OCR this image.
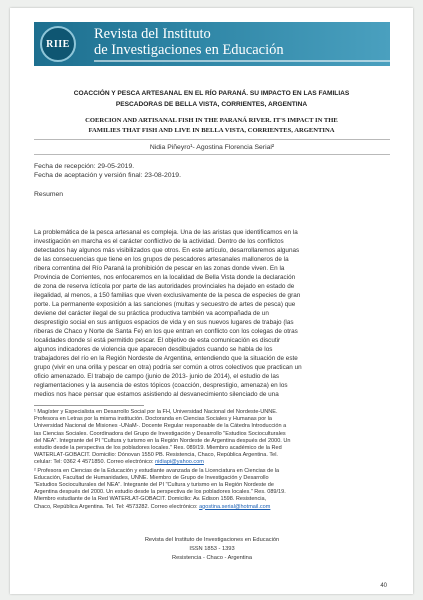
RIIE
Revista del Instituto
de Investigaciones en Educación
COACCIÓN Y PESCA ARTESANAL EN EL RÍO PARANÁ. SU IMPACTO EN LAS FAMILIAS
PESCADORAS DE BELLA VISTA, CORRIENTES, ARGENTINA
COERCION AND ARTISANAL FISH IN THE PARANÁ RIVER. IT'S IMPACT IN THE
FAMILIES THAT FISH AND LIVE IN BELLA VISTA, CORRIENTES, ARGENTINA
Nidia Piñeyro¹- Agostina Florencia Serial²
Fecha de recepción: 29-05-2019.
Fecha de aceptación y versión final: 23-08-2019.
Resumen
La problemática de la pesca artesanal es compleja. Una de las aristas que identificamos en la
investigación en marcha es el carácter conflictivo de la actividad. Dentro de los conflictos
detectados hay algunos más visibilizados que otros. En este artículo, desarrollaremos algunas
de las consecuencias que tiene en los grupos de pescadores artesanales malloneros de la
ribera correntina del Río Paraná la prohibición de pescar en las zonas donde viven. En la
Provincia de Corrientes, nos enfocaremos en la localidad de Bella Vista donde la declaración
de zona de reserva íctícola por parte de las autoridades provinciales ha dejado en estado de
ilegalidad, al menos, a 150 familias que viven exclusivamente de la pesca de especies de gran
porte. La permanente exposición a las sanciones (multas y secuestro de artes de pesca) que
deviene del carácter ilegal de su práctica productiva también va acompañada de un
desprestigio social en sus antiguos espacios de vida y en sus nuevos lugares de trabajo (las
riberas de Chaco y Norte de Santa Fe) en los que entran en conflicto con los colegas de otras
localidades donde sí está permitido pescar. El objetivo de esta comunicación es discutir
algunos indicadores de violencia que aparecen desdibujados cuando se habla de los
trabajadores del río en la Región Nordeste de Argentina, entendiendo que la situación de este
grupo (vivir en una orilla y pescar en otra) podría ser común a otros colectivos que practican un
oficio amenazado. El trabajo de campo (junio de 2013- junio de 2014), el estudio de las
reglamentaciones y la ausencia de estos tópicos (coacción, desprestigio, amenaza) en los
medios nos hace pensar que estamos asistiendo al desvanecimiento silenciado de una

¹ Magíster y Especialista en Desarrollo Social por la FH, Universidad Nacional del Nordeste-UNNE.
Profesora en Letras por la misma institución. Doctoranda en Ciencias Sociales y Humanas por la
Universidad Nacional de Misiones -UNaM-. Docente Regular responsable de la Cátedra Introducción a
las Ciencias Sociales. Coordinadora del Grupo de Investigación y Desarrollo "Estudios Socioculturales
del NEA". Integrante del PI "Cultura y turismo en la Región Nordeste de Argentina después del 2000. Un
estudio desde la perspectiva de los pobladores locales." Res. 089/19. Miembro académico de la Red
WATERLAT-GOBACIT. Domicilio: Dónovan 1550 PB. Resistencia, Chaco, República Argentina. Tel.
celular: Tel: 0362 4 4571850. Correo electrónico: nidiapi@yahoo.com

² Profesora en Ciencias de la Educación y estudiante avanzada de la Licenciatura en Ciencias de la
Educación, Facultad de Humanidades, UNNE. Miembro de Grupo de Investigación y Desarrollo
"Estudios Socioculturales del NEA". Integrante del PI "Cultura y turismo en la Región Nordeste de
Argentina después del 2000. Un estudio desde la perspectiva de los pobladores locales." Res. 089/19.
Miembro estudiante de la Red WATERLAT-GOBACIT. Domicilio: Av. Edison 1598. Resistencia,
Chaco, República Argentina. Tel. Tel: 4573282. Correo electrónico: agostina.serial@hotmail.com

Revista del Instituto de Investigaciones en Educación
ISSN 1853 - 1393
Resistencia - Chaco - Argentina
40
